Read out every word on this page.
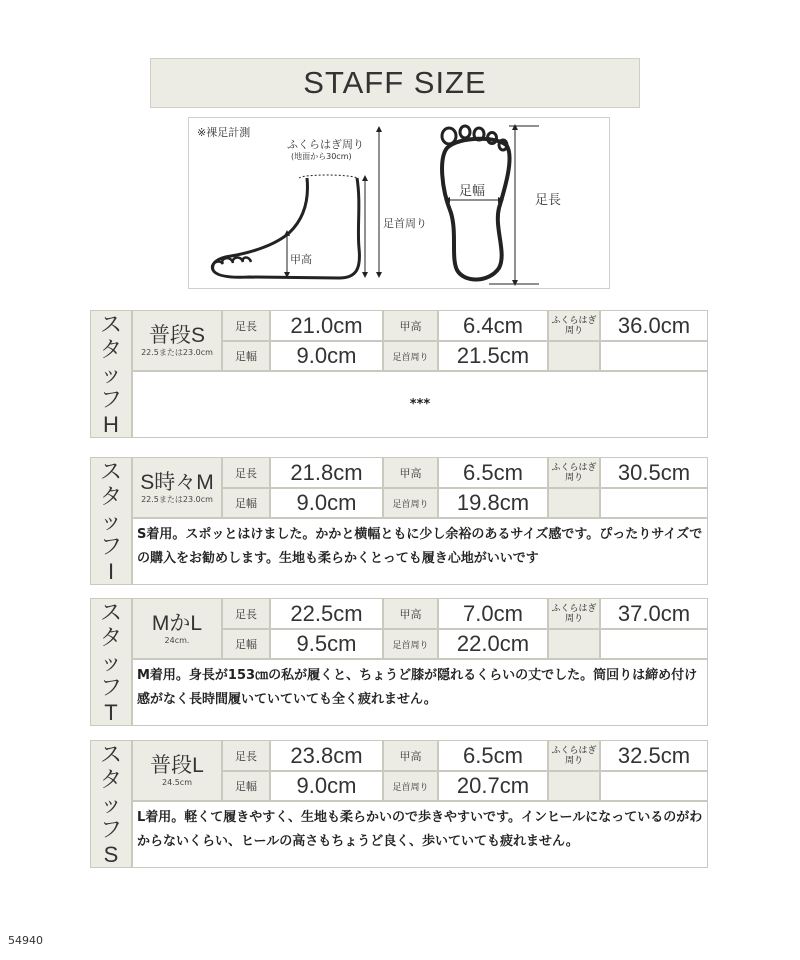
STAFF SIZE
※裸足計測
ふくらはぎ周り
(地面から30cm)
足首周り
甲高
足幅
足長
ス
タ
ッ
フ
H
普段S
22.5または23.0cm
足長 21.0cm	甲高 6.4cm	ふくらはぎ
周り 36.0cm
足幅 9.0cm	足首周り 21.5cm
***
ス
タ
ッ
フ
I
S時々M
22.5または23.0cm
足長 21.8cm	甲高 6.5cm	ふくらはぎ
周り 30.5cm
足幅 9.0cm	足首周り 19.8cm
S着用。スポッとはけました。かかと横幅ともに少し余裕のあるサイズ感です。ぴったりサイズでの購入をお勧めします。生地も柔らかくとっても履き心地がいいです
ス
タ
ッ
フ
T
MかL
24cm.
足長 22.5cm	甲高 7.0cm	ふくらはぎ
周り 37.0cm
足幅 9.5cm	足首周り 22.0cm
M着用。身長が153㎝の私が履くと、ちょうど膝が隠れるくらいの丈でした。筒回りは締め付け感がなく長時間履いていていても全く疲れません。
ス
タ
ッ
フ
S
普段L
24.5cm
足長 23.8cm	甲高 6.5cm	ふくらはぎ
周り 32.5cm
足幅 9.0cm	足首周り 20.7cm
L着用。軽くて履きやすく、生地も柔らかいので歩きやすいです。インヒールになっているのがわからないくらい、ヒールの高さもちょうど良く、歩いていても疲れません。
54940
